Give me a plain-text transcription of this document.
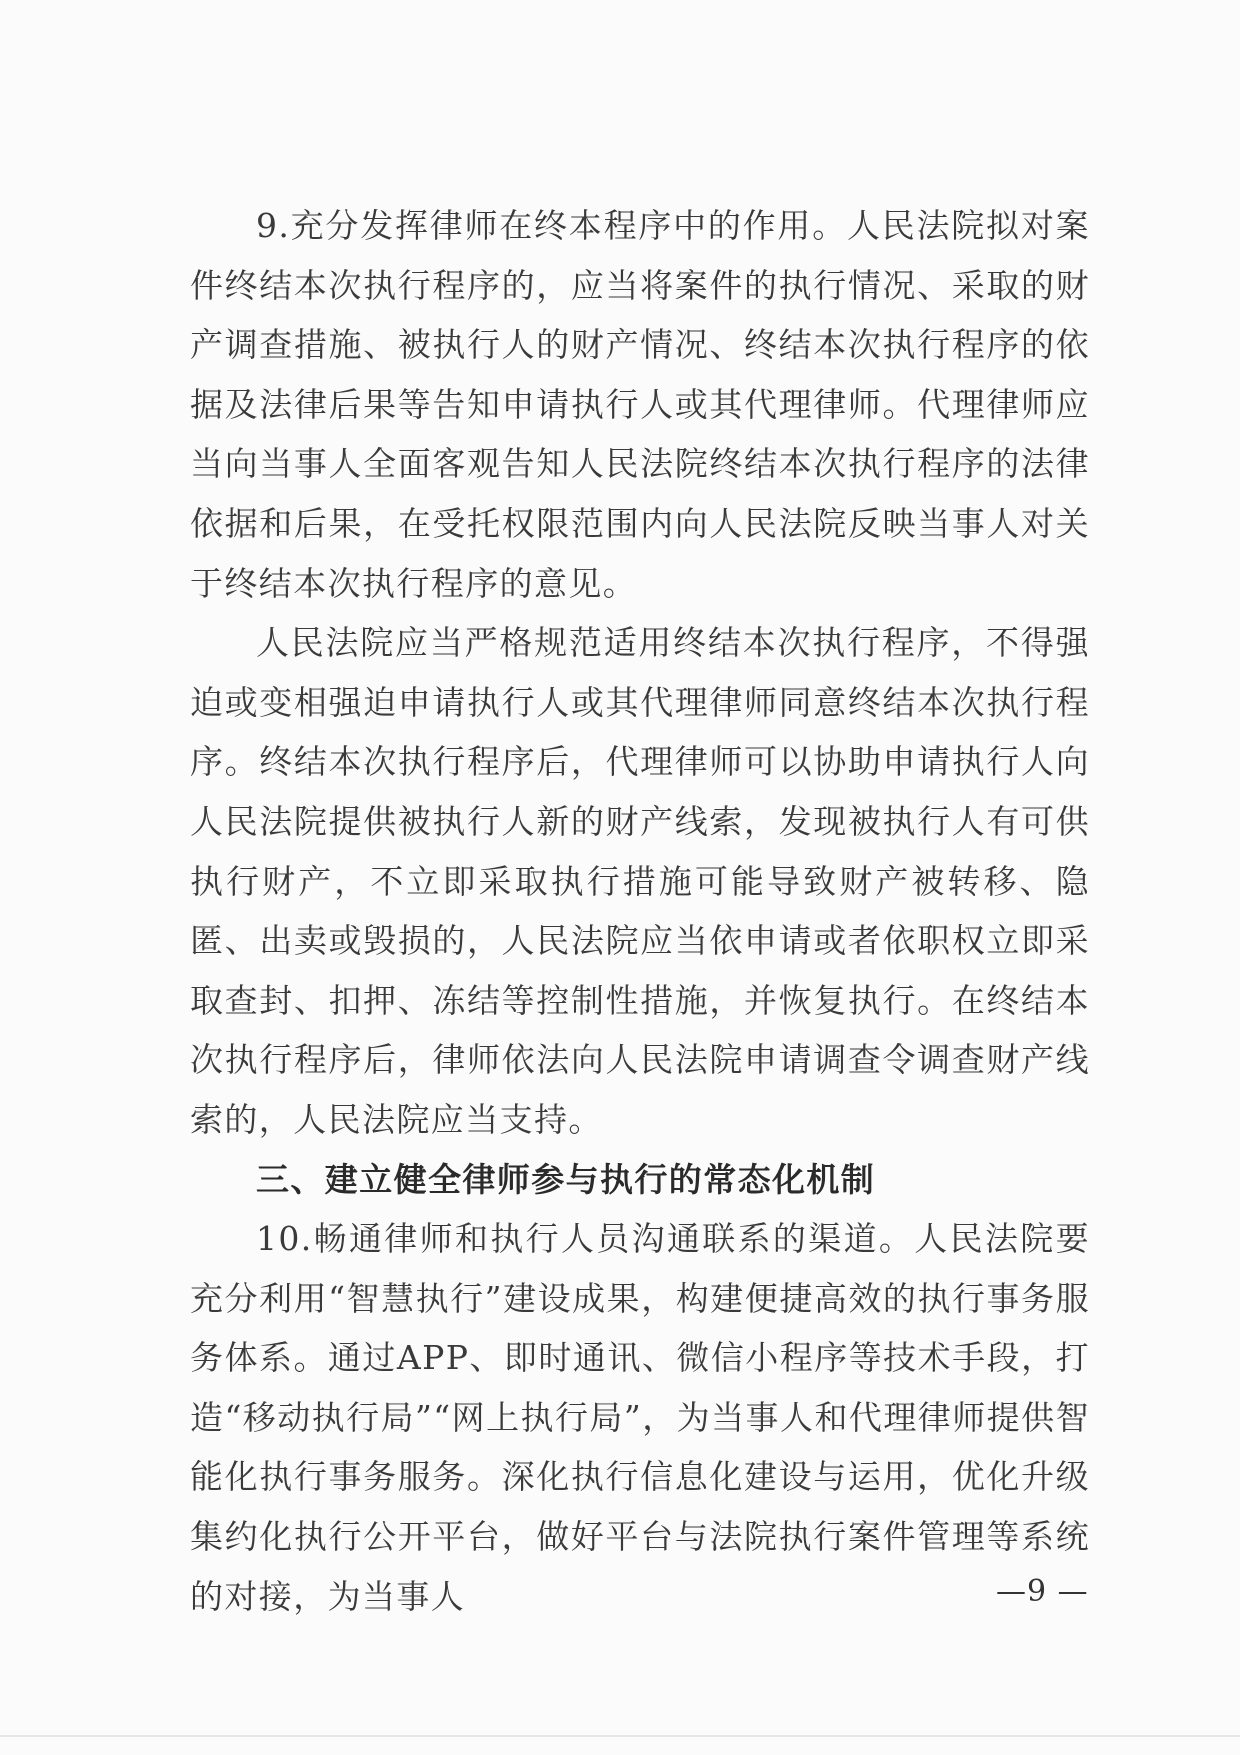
9.充分发挥律师在终本程序中的作用。人民法院拟对案件终结本次执行程序的，应当将案件的执行情况、采取的财产调查措施、被执行人的财产情况、终结本次执行程序的依据及法律后果等告知申请执行人或其代理律师。代理律师应当向当事人全面客观告知人民法院终结本次执行程序的法律依据和后果，在受托权限范围内向人民法院反映当事人对关于终结本次执行程序的意见。

人民法院应当严格规范适用终结本次执行程序，不得强迫或变相强迫申请执行人或其代理律师同意终结本次执行程序。终结本次执行程序后，代理律师可以协助申请执行人向人民法院提供被执行人新的财产线索，发现被执行人有可供执行财产，不立即采取执行措施可能导致财产被转移、隐匿、出卖或毁损的，人民法院应当依申请或者依职权立即采取查封、扣押、冻结等控制性措施，并恢复执行。在终结本次执行程序后，律师依法向人民法院申请调查令调查财产线索的，人民法院应当支持。

三、建立健全律师参与执行的常态化机制

10.畅通律师和执行人员沟通联系的渠道。人民法院要充分利用“智慧执行”建设成果，构建便捷高效的执行事务服务体系。通过APP、即时通讯、微信小程序等技术手段，打造“移动执行局”“网上执行局”，为当事人和代理律师提供智能化执行事务服务。深化执行信息化建设与运用，优化升级集约化执行公开平台，做好平台与法院执行案件管理等系统的对接，为当事人	—9 —
